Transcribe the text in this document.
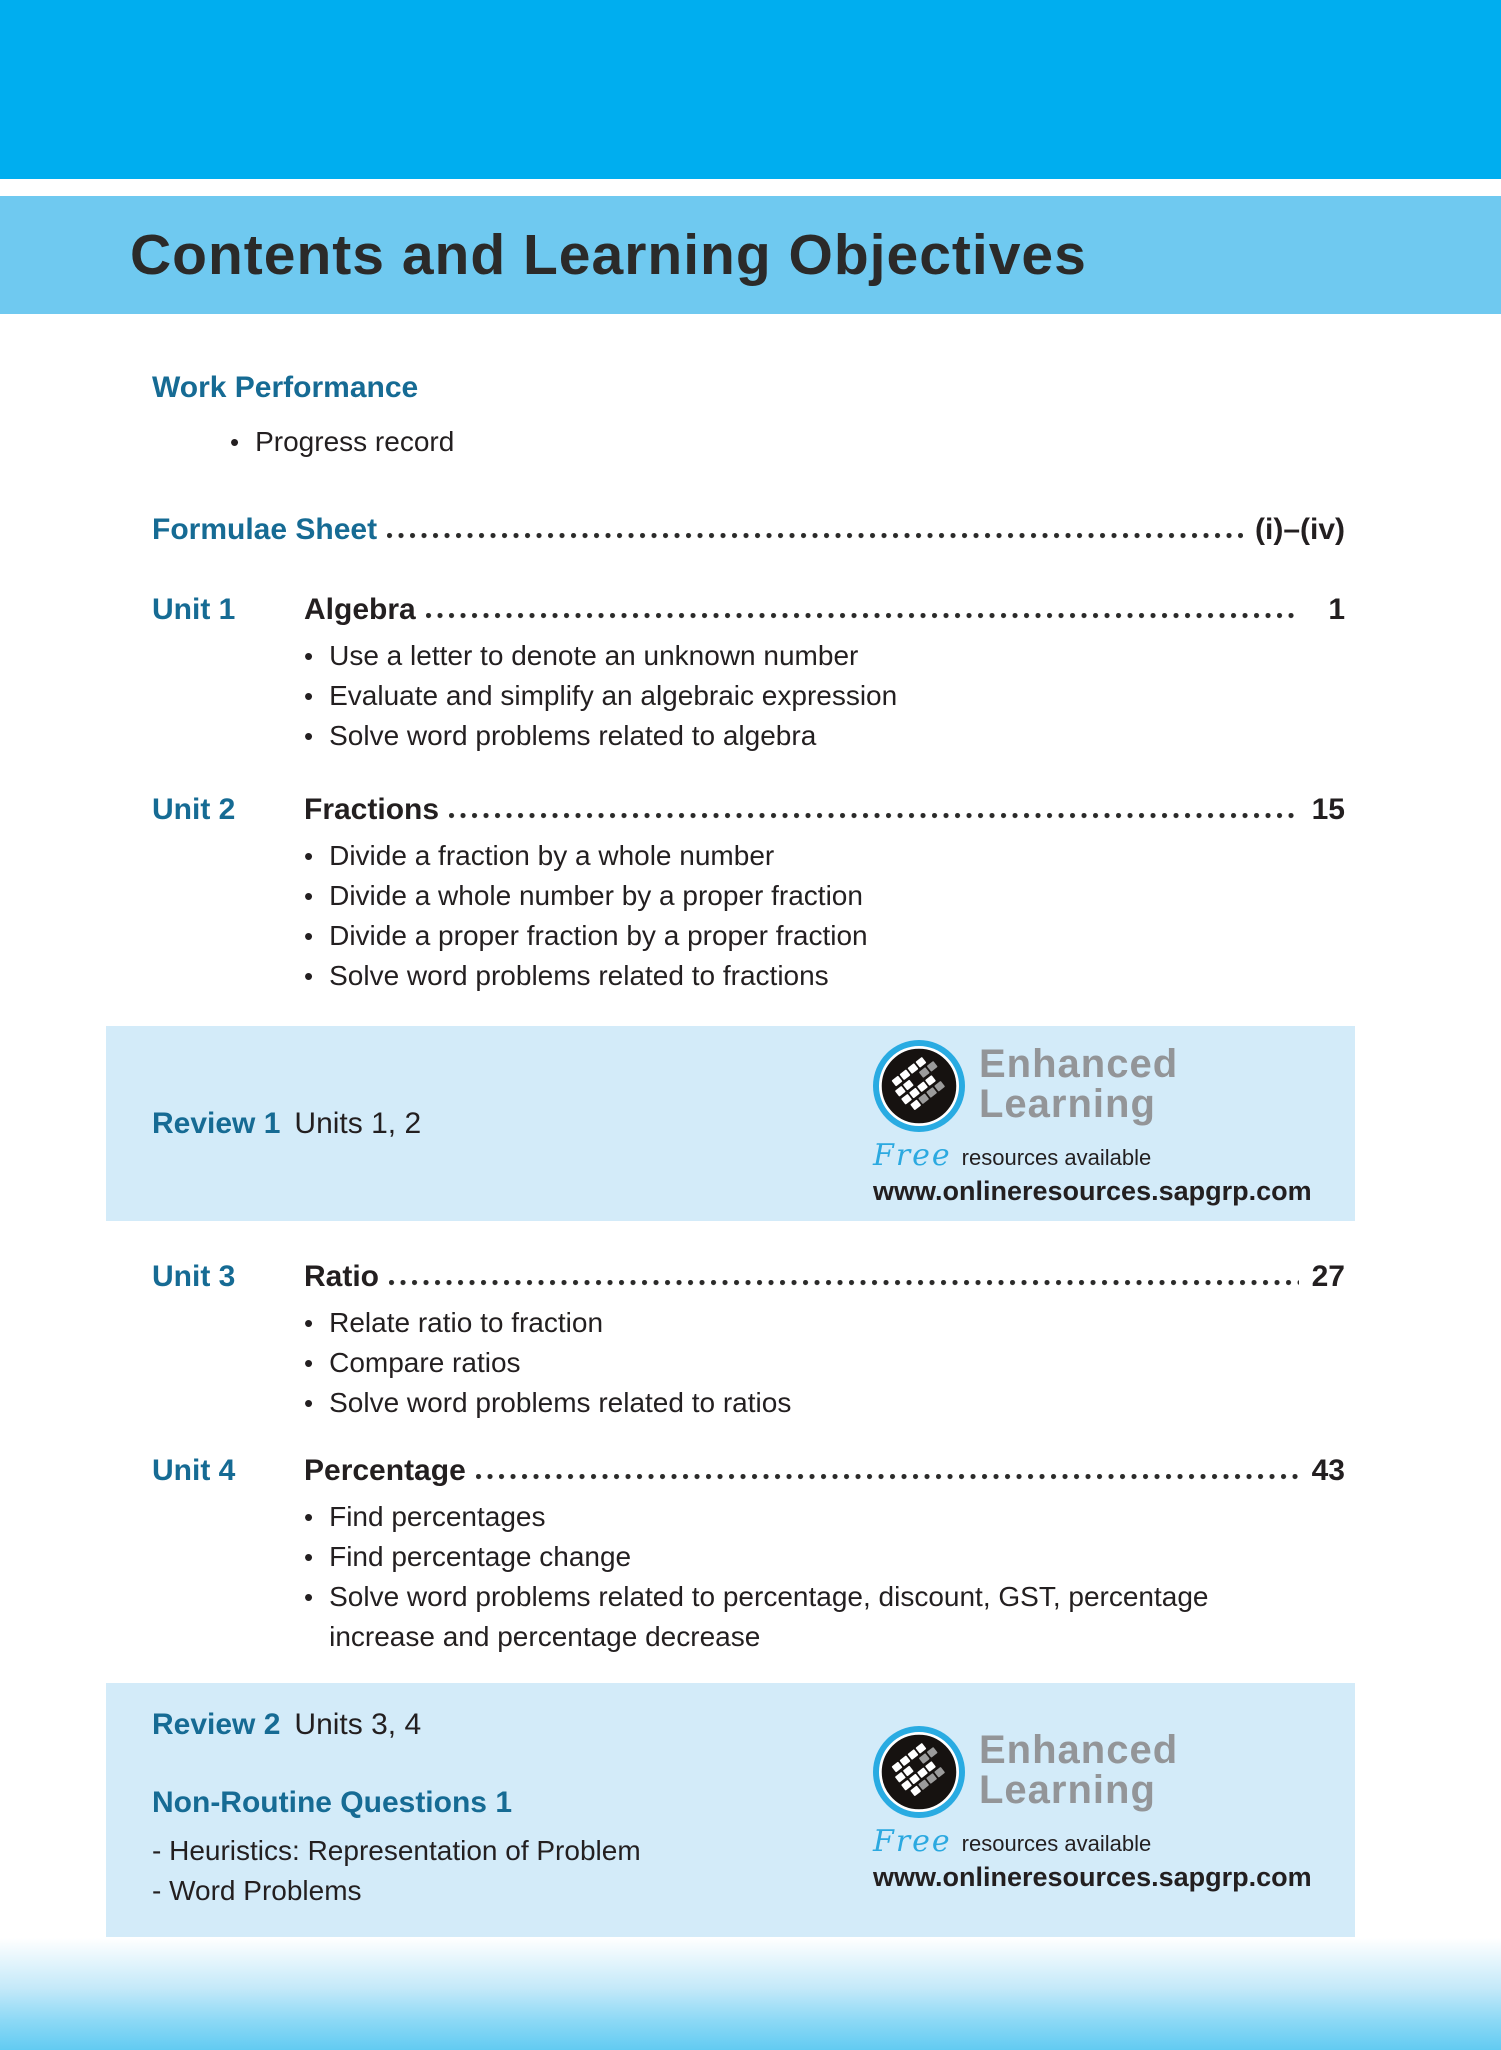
Contents and Learning Objectives
Work Performance
•
Progress record
Formulae Sheet	(i)–(iv)
Unit 1	Algebra	1
•
Use a letter to denote an unknown number
•
Evaluate and simplify an algebraic expression
•
Solve word problems related to algebra
Unit 2	Fractions	15
•
Divide a fraction by a whole number
•
Divide a whole number by a proper fraction
•
Divide a proper fraction by a proper fraction
•
Solve word problems related to fractions
Review 1 Units 1, 2
Enhanced
Learning
Free resources available
www.onlineresources.sapgrp.com
Unit 3	Ratio	27
•
Relate ratio to fraction
•
Compare ratios
•
Solve word problems related to ratios
Unit 4	Percentage	43
•
Find percentages
•
Find percentage change
•
Solve word problems related to percentage, discount, GST, percentage increase and percentage decrease
Review 2 Units 3, 4
Non-Routine Questions 1
- Heuristics: Representation of Problem
- Word Problems
Enhanced
Learning
Free resources available
www.onlineresources.sapgrp.com
